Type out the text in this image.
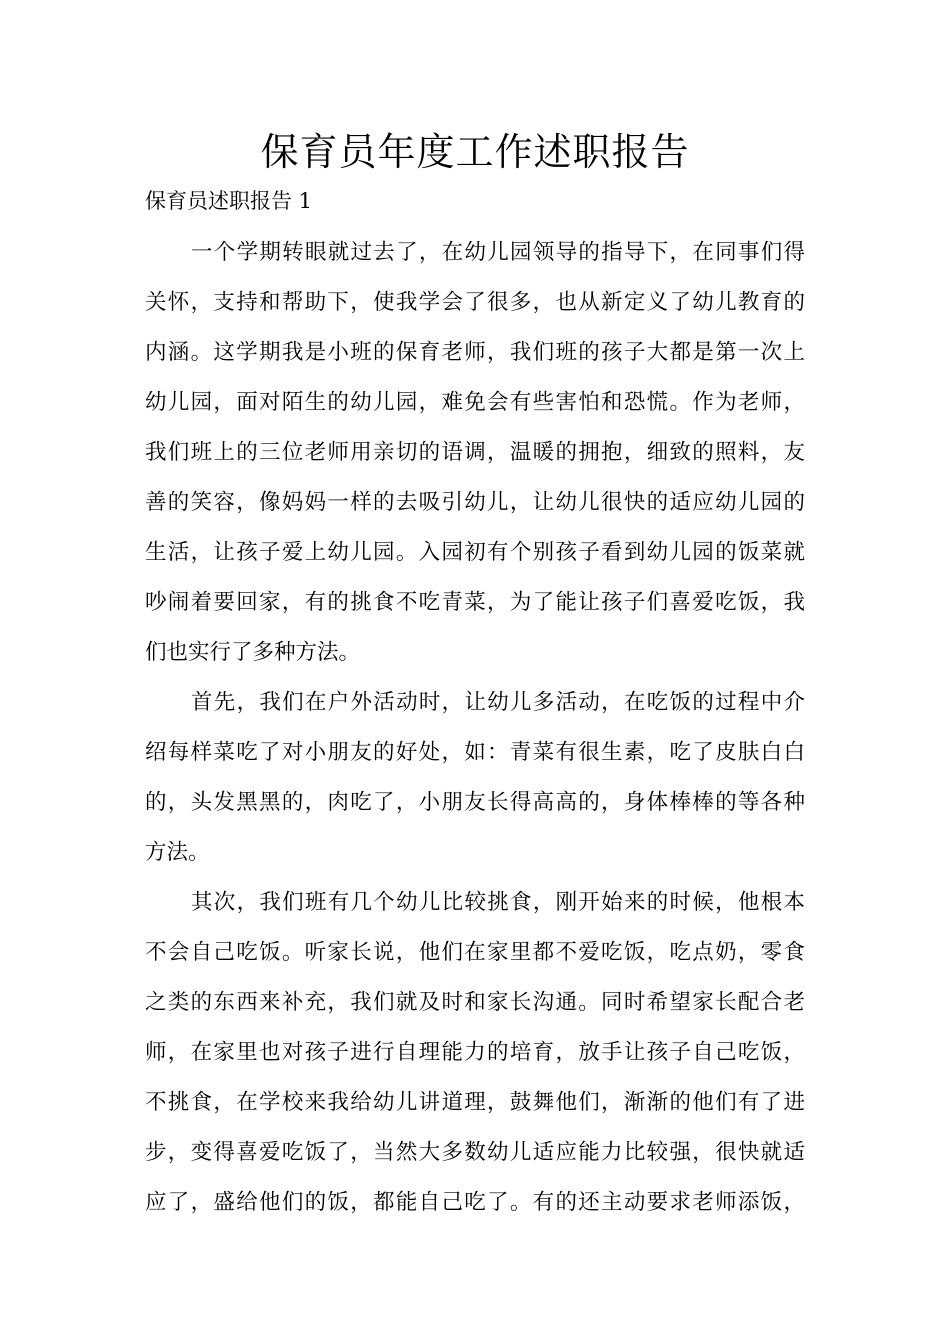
保育员年度工作述职报告

保育员述职报告 1

一个学期转眼就过去了，在幼儿园领导的指导下，在同事们得
关怀，支持和帮助下，使我学会了很多，也从新定义了幼儿教育的
内涵。这学期我是小班的保育老师，我们班的孩子大都是第一次上
幼儿园，面对陌生的幼儿园，难免会有些害怕和恐慌。作为老师，
我们班上的三位老师用亲切的语调，温暖的拥抱，细致的照料，友
善的笑容，像妈妈一样的去吸引幼儿，让幼儿很快的适应幼儿园的
生活，让孩子爱上幼儿园。入园初有个别孩子看到幼儿园的饭菜就
吵闹着要回家，有的挑食不吃青菜，为了能让孩子们喜爱吃饭，我
们也实行了多种方法。

首先，我们在户外活动时，让幼儿多活动，在吃饭的过程中介
绍每样菜吃了对小朋友的好处，如：青菜有很生素，吃了皮肤白白
的，头发黑黑的，肉吃了，小朋友长得高高的，身体棒棒的等各种
方法。

其次，我们班有几个幼儿比较挑食，刚开始来的时候，他根本
不会自己吃饭。听家长说，他们在家里都不爱吃饭，吃点奶，零食
之类的东西来补充，我们就及时和家长沟通。同时希望家长配合老
师，在家里也对孩子进行自理能力的培育，放手让孩子自己吃饭，
不挑食，在学校来我给幼儿讲道理，鼓舞他们，渐渐的他们有了进
步，变得喜爱吃饭了，当然大多数幼儿适应能力比较强，很快就适
应了，盛给他们的饭，都能自己吃了。有的还主动要求老师添饭，
